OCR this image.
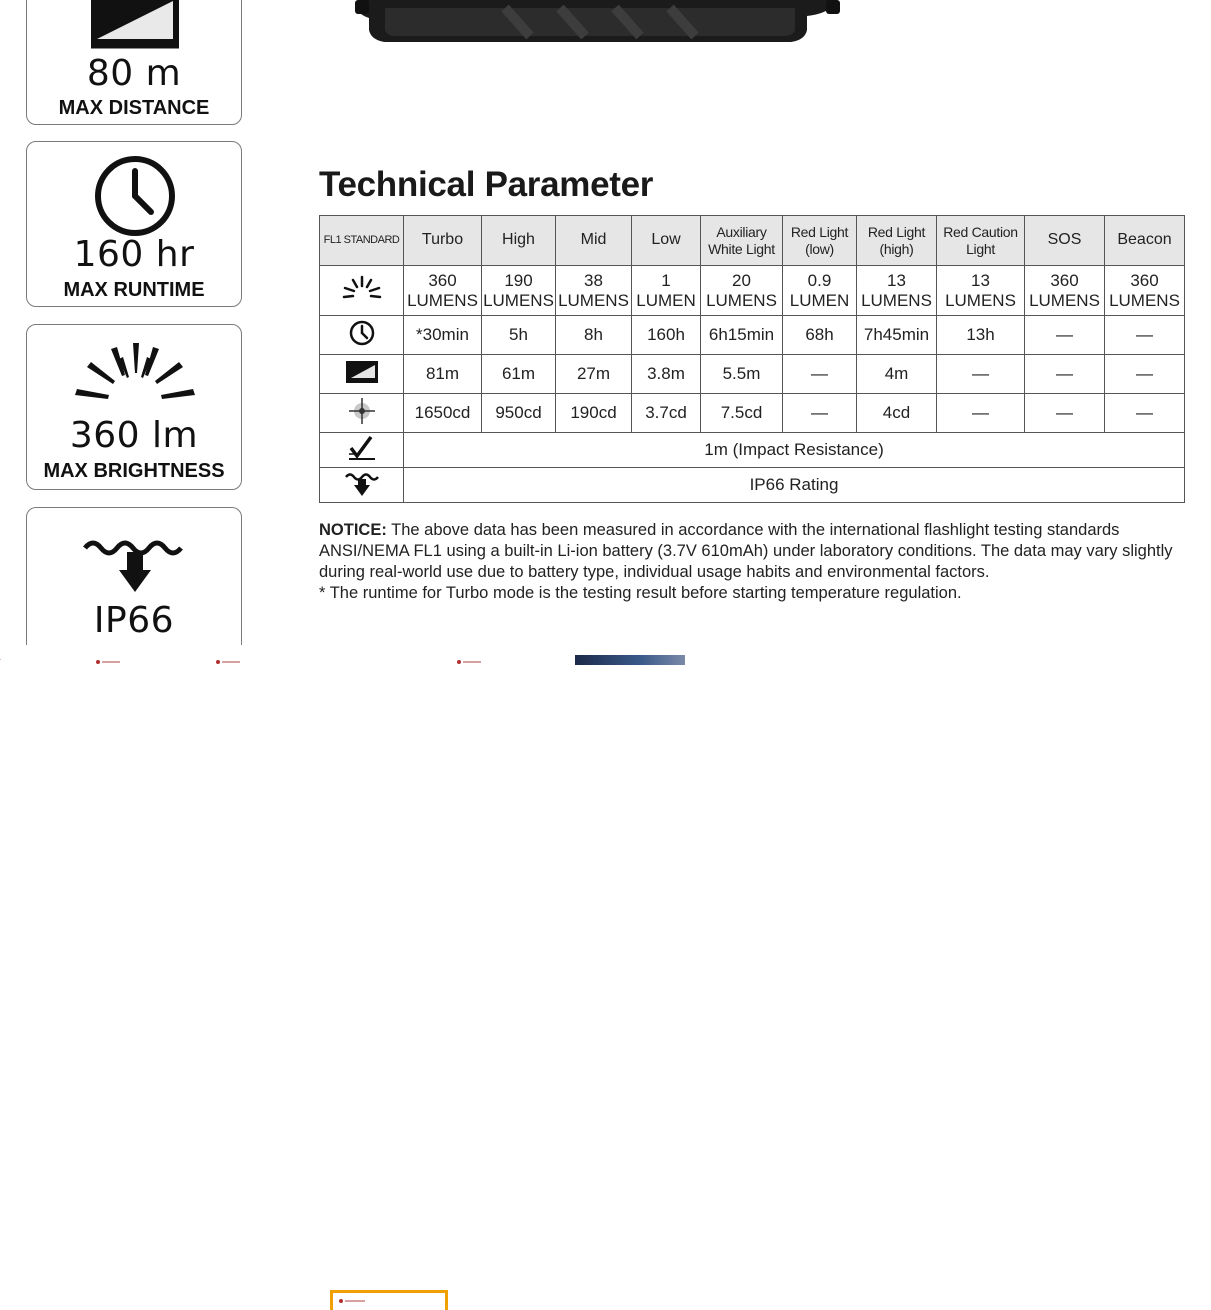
80 m
MAX DISTANCE
160 hr
MAX RUNTIME
360 lm
MAX BRIGHTNESS
IP66
Technical Parameter
FL1 STANDARD	Turbo	High	Mid	Low	Auxiliary White Light	Red Light (low)	Red Light (high)	Red Caution Light	SOS	Beacon
	360 LUMENS	190 LUMENS	38 LUMENS	1 LUMEN	20 LUMENS	0.9 LUMEN	13 LUMENS	13 LUMENS	360 LUMENS	360 LUMENS
	*30min	5h	8h	160h	6h15min	68h	7h45min	13h	—	—
	81m	61m	27m	3.8m	5.5m	—	4m	—	—	—
	1650cd	950cd	190cd	3.7cd	7.5cd	—	4cd	—	—	—
	1m (Impact Resistance)									
	IP66 Rating									

NOTICE: The above data has been measured in accordance with the international flashlight testing standards ANSI/NEMA FL1 using a built-in Li-ion battery (3.7V 610mAh) under laboratory conditions. The data may vary slightly during real-world use due to battery type, individual usage habits and environmental factors.

* The runtime for Turbo mode is the testing result before starting temperature regulation.

·
